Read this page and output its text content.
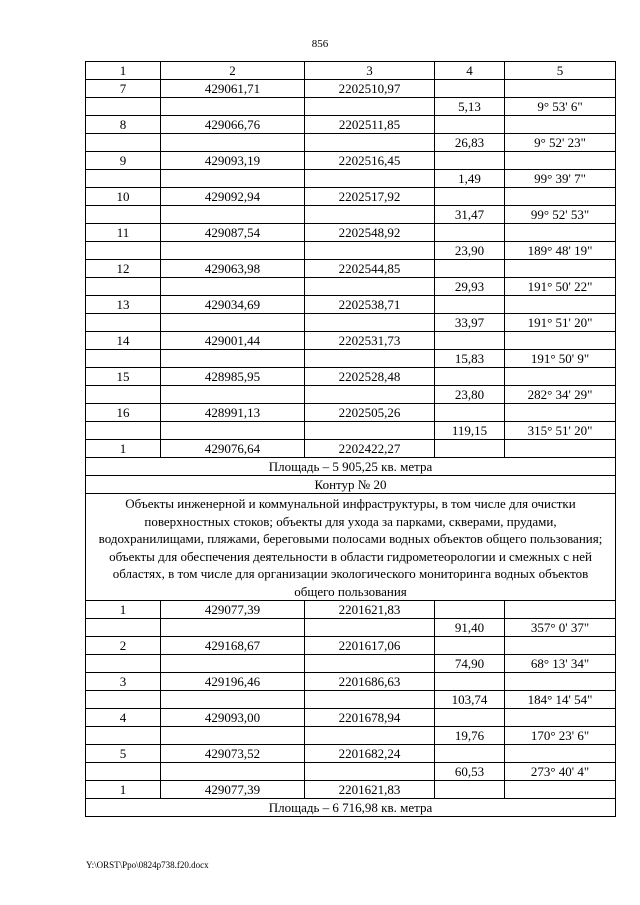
856
1	2	3	4	5
7	429061,71	2202510,97		
			5,13	9° 53' 6"
8	429066,76	2202511,85		
			26,83	9° 52' 23"
9	429093,19	2202516,45		
			1,49	99° 39' 7"
10	429092,94	2202517,92		
			31,47	99° 52' 53"
11	429087,54	2202548,92		
			23,90	189° 48' 19"
12	429063,98	2202544,85		
			29,93	191° 50' 22"
13	429034,69	2202538,71		
			33,97	191° 51' 20"
14	429001,44	2202531,73		
			15,83	191° 50' 9"
15	428985,95	2202528,48		
			23,80	282° 34' 29"
16	428991,13	2202505,26		
			119,15	315° 51' 20"
1	429076,64	2202422,27		
Площадь – 5 905,25 кв. метра				
Контур № 20				
Объекты инженерной и коммунальной инфраструктуры, в том числе для очистки поверхностных стоков; объекты для ухода за парками, скверами, прудами, водохранилищами, пляжами, береговыми полосами водных объектов общего пользования; объекты для обеспечения деятельности в области гидрометеорологии и смежных с ней областях, в том числе для организации экологического мониторинга водных объектов общего пользования				
1	429077,39	2201621,83		
			91,40	357° 0' 37"
2	429168,67	2201617,06		
			74,90	68° 13' 34"
3	429196,46	2201686,63		
			103,74	184° 14' 54"
4	429093,00	2201678,94		
			19,76	170° 23' 6"
5	429073,52	2201682,24		
			60,53	273° 40' 4"
1	429077,39	2201621,83		
Площадь – 6 716,98 кв. метра				
Y:\ORST\Ppo\0824p738.f20.docx
